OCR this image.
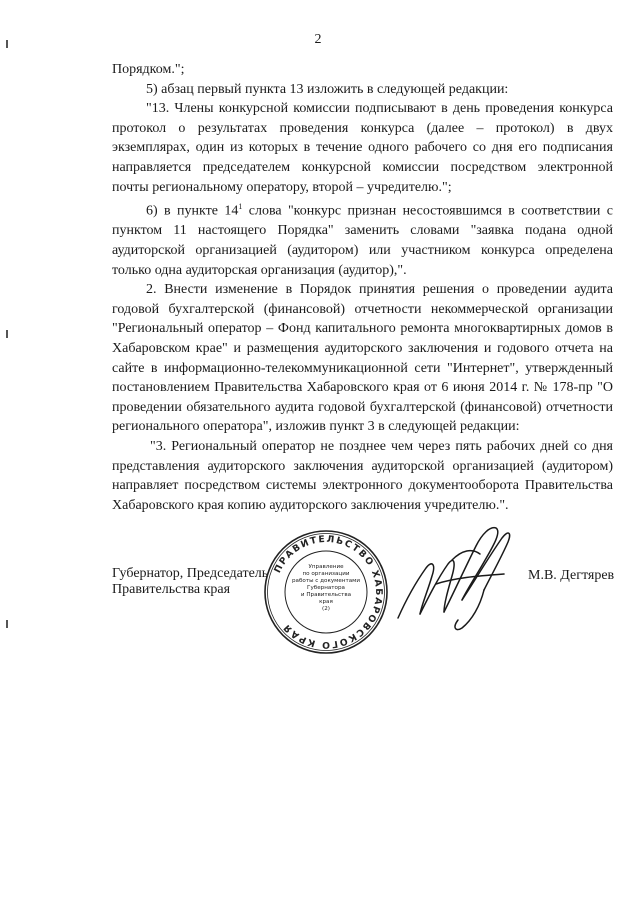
2

Порядком.";

5) абзац первый пункта 13 изложить в следующей редакции:

"13. Члены конкурсной комиссии подписывают в день проведения конкурса протокол о результатах проведения конкурса (далее – протокол) в двух экземплярах, один из которых в течение одного рабочего со дня его подписания направляется председателем конкурсной комиссии посредством электронной почты региональному оператору, второй – учредителю.";

6) в пункте $14^1$ слова "конкурс признан несостоявшимся в соответствии с пунктом 11 настоящего Порядка" заменить словами "заявка подана одной аудиторской организацией (аудитором) или участником конкурса определена только одна аудиторская организация (аудитор),".

2. Внести изменение в Порядок принятия решения о проведении аудита годовой бухгалтерской (финансовой) отчетности некоммерческой организации "Региональный оператор – Фонд капитального ремонта многоквартирных домов в Хабаровском крае" и размещения аудиторского заключения и годового отчета на сайте в информационно-телекоммуникационной сети "Интернет", утвержденный постановлением Правительства Хабаровского края от 6 июня 2014 г. № 178-пр "О проведении обязательного аудита годовой бухгалтерской (финансовой) отчетности регионального оператора", изложив пункт 3 в следующей редакции:

"3. Региональный оператор не позднее чем через пять рабочих дней со дня представления аудиторского заключения аудиторской организацией (аудитором) направляет посредством системы электронного документооборота Правительства Хабаровского края копию аудиторского заключения учредителю.".

Губернатор, Председатель
Правительства края
ПРАВИТЕЛЬСТВО ХАБАРОВСКОГО КРАЯ
Управление
по организации
работы с документами
Губернатора
и Правительства
края
(2)
М.В. Дегтярев
